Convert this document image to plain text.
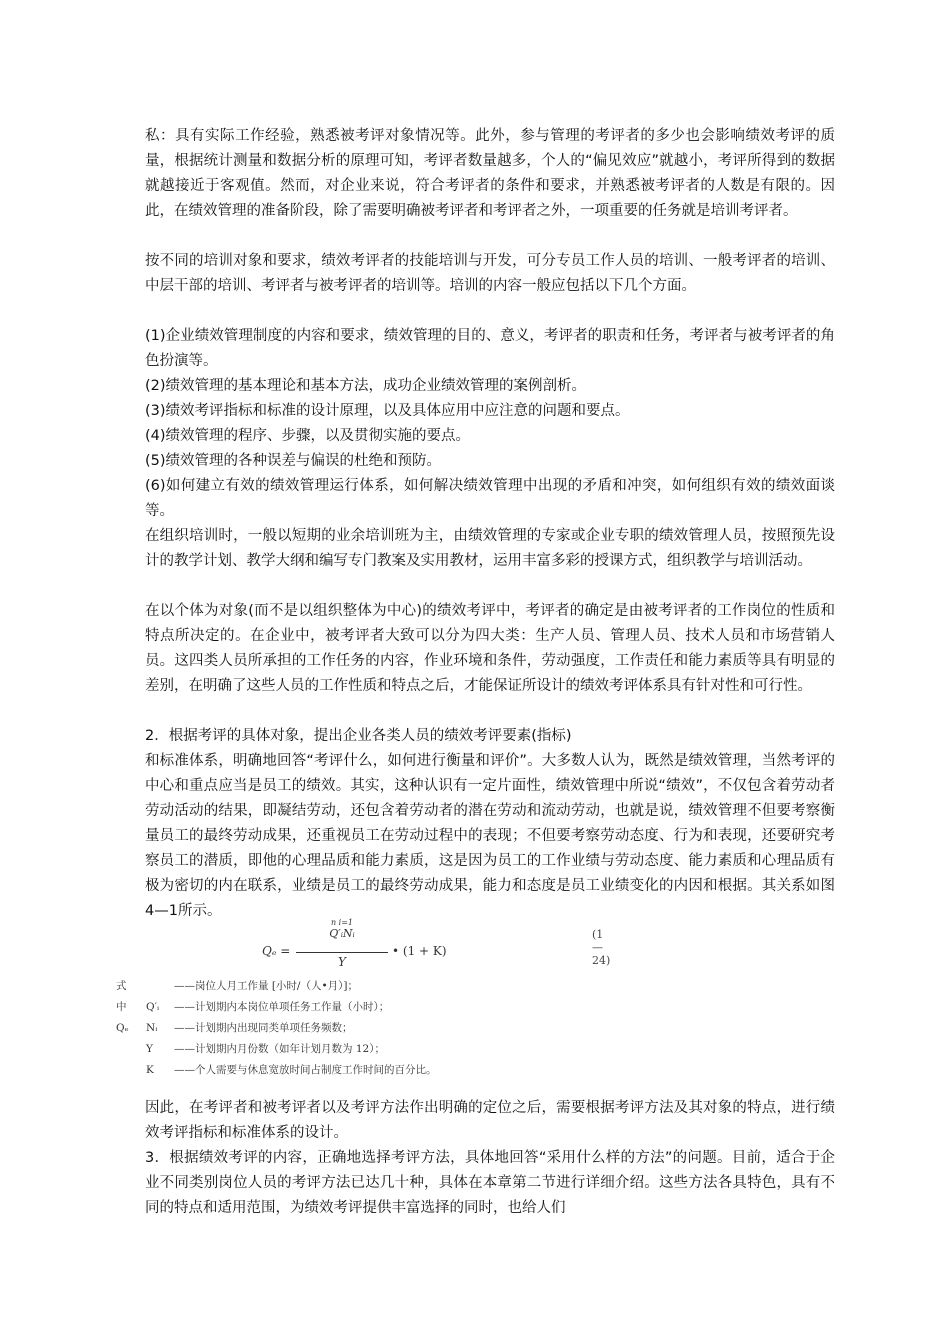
私：具有实际工作经验，熟悉被考评对象情况等。此外，参与管理的考评者的多少也会影响绩效考评的质量，根据统计测量和数据分析的原理可知，考评者数量越多，个人的“偏见效应”就越小，考评所得到的数据就越接近于客观值。然而，对企业来说，符合考评者的条件和要求，并熟悉被考评者的人数是有限的。因此，在绩效管理的准备阶段，除了需要明确被考评者和考评者之外，一项重要的任务就是培训考评者。

按不同的培训对象和要求，绩效考评者的技能培训与开发，可分专员工作人员的培训、一般考评者的培训、中层干部的培训、考评者与被考评者的培训等。培训的内容一般应包括以下几个方面。

(1)企业绩效管理制度的内容和要求，绩效管理的目的、意义，考评者的职责和任务，考评者与被考评者的角色扮演等。

(2)绩效管理的基本理论和基本方法，成功企业绩效管理的案例剖析。

(3)绩效考评指标和标准的设计原理，以及具体应用中应注意的问题和要点。

(4)绩效管理的程序、步骤，以及贯彻实施的要点。

(5)绩效管理的各种误差与偏误的杜绝和预防。

(6)如何建立有效的绩效管理运行体系，如何解决绩效管理中出现的矛盾和冲突，如何组织有效的绩效面谈等。

在组织培训时，一般以短期的业余培训班为主，由绩效管理的专家或企业专职的绩效管理人员，按照预先设计的教学计划、教学大纲和编写专门教案及实用教材，运用丰富多彩的授课方式，组织教学与培训活动。

在以个体为对象(而不是以组织整体为中心)的绩效考评中，考评者的确定是由被考评者的工作岗位的性质和特点所决定的。在企业中，被考评者大致可以分为四大类：生产人员、管理人员、技术人员和市场营销人员。这四类人员所承担的工作任务的内容，作业环境和条件，劳动强度，工作责任和能力素质等具有明显的差别，在明确了这些人员的工作性质和特点之后，才能保证所设计的绩效考评体系具有针对性和可行性。

2．根据考评的具体对象，提出企业各类人员的绩效考评要素(指标)

和标准体系，明确地回答“考评什么，如何进行衡量和评价”。大多数人认为，既然是绩效管理，当然考评的中心和重点应当是员工的绩效。其实，这种认识有一定片面性，绩效管理中所说“绩效”，不仅包含着劳动者劳动活动的结果，即凝结劳动，还包含着劳动者的潜在劳动和流动劳动，也就是说，绩效管理不但要考察衡量员工的最终劳动成果，还重视员工在劳动过程中的表现；不但要考察劳动态度、行为和表现，还要研究考察员工的潜质，即他的心理品质和能力素质，这是因为员工的工作业绩与劳动态度、能力素质和心理品质有极为密切的内在联系，业绩是员工的最终劳动成果，能力和态度是员工业绩变化的内因和根据。其关系如图4—1所示。

Qₑ =
n i=1
Q′ᵢNᵢ
Y
• (1 + K)
(1—24)
式中 Qₑ
——岗位人月工作量 [小时/（人•月）]；
Q′ᵢ ——计划期内本岗位单项任务工作量（小时）；
Nᵢ ——计划期内出现同类单项任务频数；
Y ——计划期内月份数（如年计划月数为 12）；
K ——个人需要与休息宽放时间占制度工作时间的百分比。

因此，在考评者和被考评者以及考评方法作出明确的定位之后，需要根据考评方法及其对象的特点，进行绩效考评指标和标准体系的设计。

3．根据绩效考评的内容，正确地选择考评方法，具体地回答“采用什么样的方法”的问题。目前，适合于企业不同类别岗位人员的考评方法已达几十种，具体在本章第二节进行详细介绍。这些方法各具特色，具有不同的特点和适用范围，为绩效考评提供丰富选择的同时，也给人们
